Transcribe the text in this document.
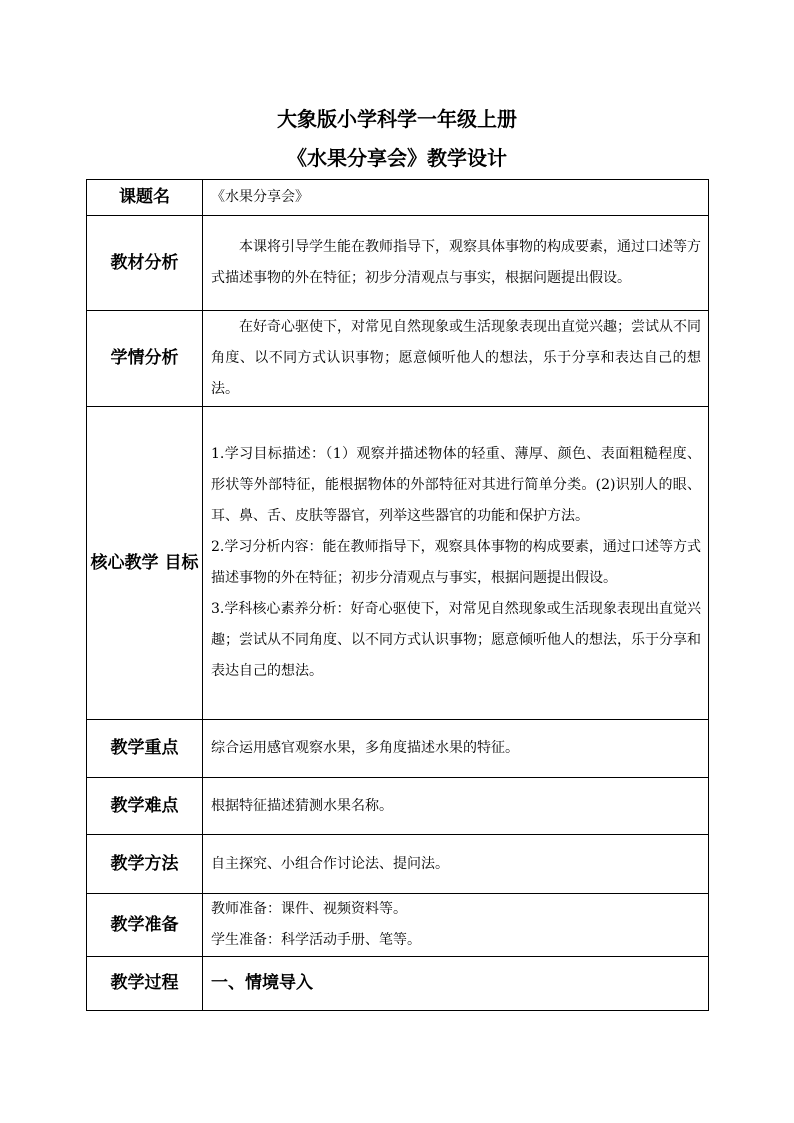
大象版小学科学一年级上册
《水果分享会》教学设计
课题名	《水果分享会》
教材分析	本课将引导学生能在教师指导下，观察具体事物的构成要素，通过口述等方式描述事物的外在特征；初步分清观点与事实，根据问题提出假设。

学情分析	在好奇心驱使下，对常见自然现象或生活现象表现出直觉兴趣；尝试从不同角度、以不同方式认识事物；愿意倾听他人的想法，乐于分享和表达自己的想法。

核心教学 目标	1.学习目标描述：（1）观察并描述物体的轻重、薄厚、颜色、表面粗糙程度、形状等外部特征，能根据物体的外部特征对其进行简单分类。(2)识别人的眼、耳、鼻、舌、皮肤等器官，列举这些器官的功能和保护方法。
2.学习分析内容：能在教师指导下，观察具体事物的构成要素，通过口述等方式描述事物的外在特征；初步分清观点与事实，根据问题提出假设。
3.学科核心素养分析：好奇心驱使下，对常见自然现象或生活现象表现出直觉兴趣；尝试从不同角度、以不同方式认识事物；愿意倾听他人的想法，乐于分享和表达自己的想法。

教学重点	综合运用感官观察水果，多角度描述水果的特征。
教学难点	根据特征描述猜测水果名称。
教学方法	自主探究、小组合作讨论法、提问法。
教学准备	教师准备：课件、视频资料等。
学生准备：科学活动手册、笔等。

教学过程	一、情境导入
